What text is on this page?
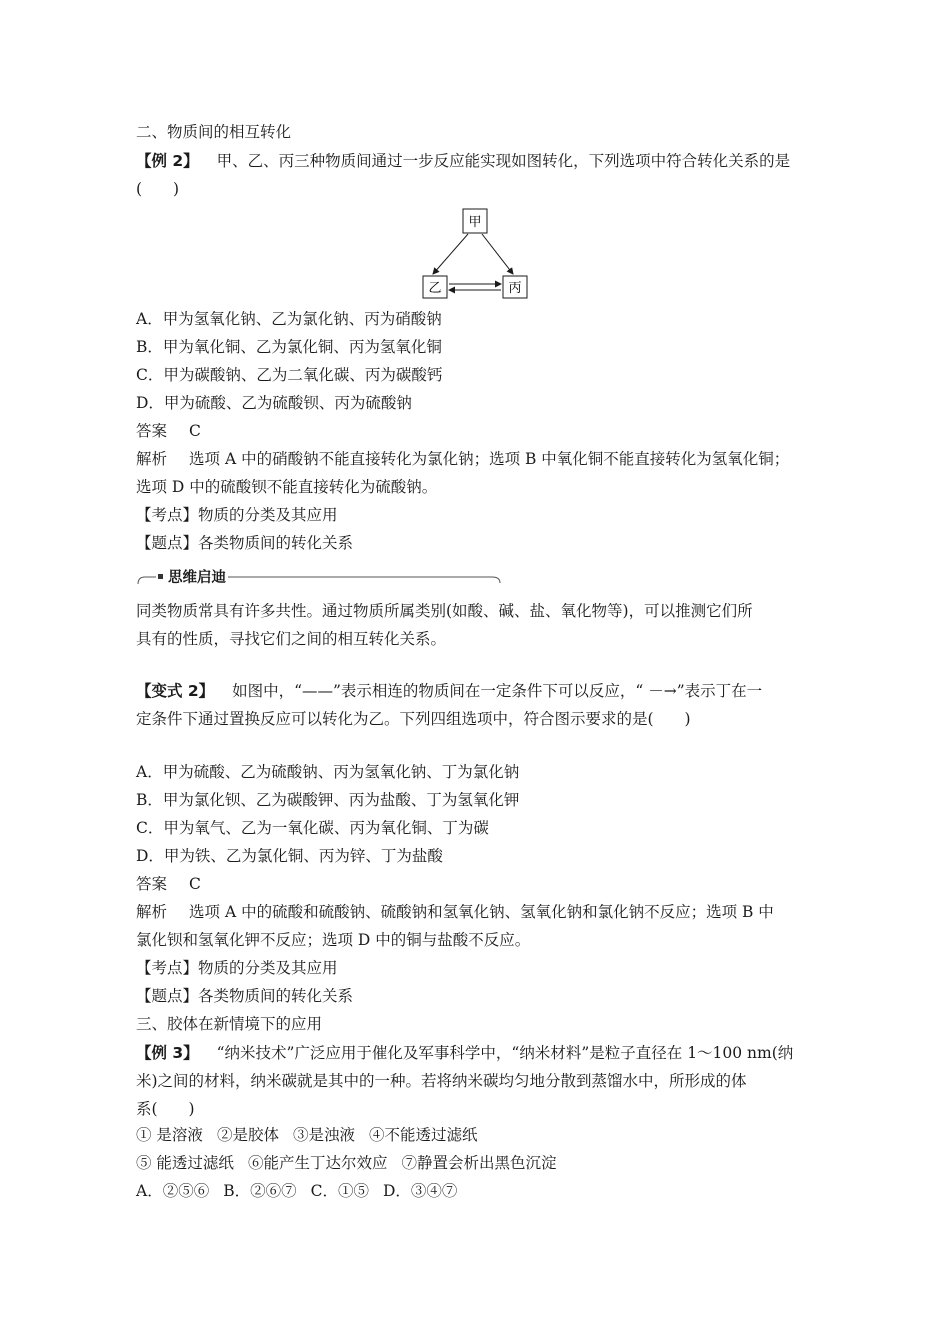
二、物质间的相互转化
【例 2】 甲、乙、丙三种物质间通过一步反应能实现如图转化，下列选项中符合转化关系的是
(　　)
甲
乙	丙
A．甲为氢氧化钠、乙为氯化钠、丙为硝酸钠
B．甲为氧化铜、乙为氯化铜、丙为氢氧化铜
C．甲为碳酸钠、乙为二氧化碳、丙为碳酸钙
D．甲为硫酸、乙为硫酸钡、丙为硫酸钠
答案 C
解析 选项 A 中的硝酸钠不能直接转化为氯化钠；选项 B 中氧化铜不能直接转化为氢氧化铜；
选项 D 中的硫酸钡不能直接转化为硫酸钠。
【考点】物质的分类及其应用
【题点】各类物质间的转化关系
思维启迪
同类物质常具有许多共性。通过物质所属类别(如酸、碱、盐、氧化物等)，可以推测它们所
具有的性质，寻找它们之间的相互转化关系。
【变式 2】 如图中，“——”表示相连的物质间在一定条件下可以反应，“ －→”表示丁在一
定条件下通过置换反应可以转化为乙。下列四组选项中，符合图示要求的是(　　)
A．甲为硫酸、乙为硫酸钠、丙为氢氧化钠、丁为氯化钠
B．甲为氯化钡、乙为碳酸钾、丙为盐酸、丁为氢氧化钾
C．甲为氧气、乙为一氧化碳、丙为氧化铜、丁为碳
D．甲为铁、乙为氯化铜、丙为锌、丁为盐酸
答案 C
解析 选项 A 中的硫酸和硫酸钠、硫酸钠和氢氧化钠、氢氧化钠和氯化钠不反应；选项 B 中
氯化钡和氢氧化钾不反应；选项 D 中的铜与盐酸不反应。
【考点】物质的分类及其应用
【题点】各类物质间的转化关系
三、胶体在新情境下的应用
【例 3】 “纳米技术”广泛应用于催化及军事科学中，“纳米材料”是粒子直径在 1～100 nm(纳
米)之间的材料，纳米碳就是其中的一种。若将纳米碳均匀地分散到蒸馏水中，所形成的体
系(　　)
① 是溶液 ②是胶体 ③是浊液 ④不能透过滤纸
⑤ 能透过滤纸 ⑥能产生丁达尔效应 ⑦静置会析出黑色沉淀
A．②⑤⑥ B．②⑥⑦ C．①⑤ D．③④⑦
